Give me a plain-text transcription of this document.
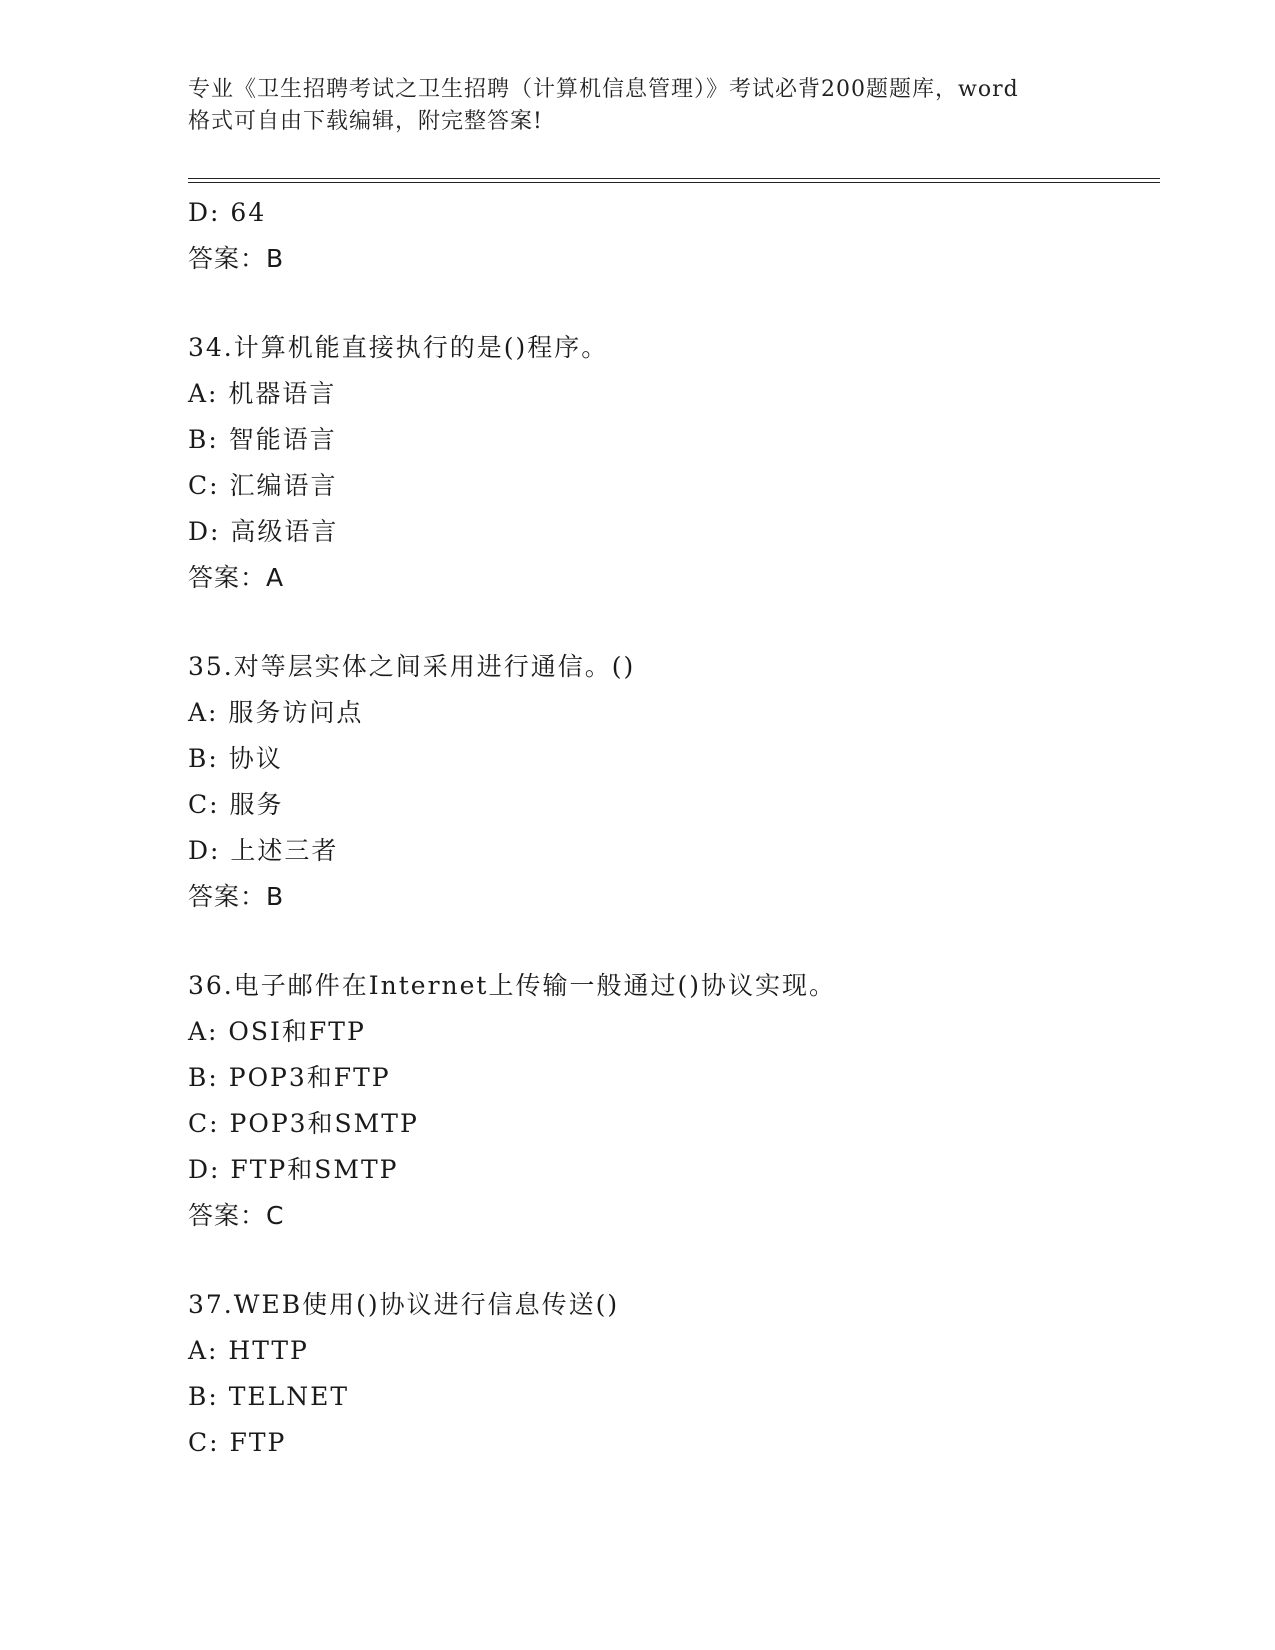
专业《卫生招聘考试之卫生招聘（计算机信息管理）》考试必背200题题库，word
格式可自由下载编辑，附完整答案!
D: 64
答案：B
34.计算机能直接执行的是()程序。
A: 机器语言
B: 智能语言
C: 汇编语言
D: 高级语言
答案：A
35.对等层实体之间采用进行通信。()
A: 服务访问点
B: 协议
C: 服务
D: 上述三者
答案：B
36.电子邮件在Internet上传输一般通过()协议实现。
A: OSI和FTP
B: POP3和FTP
C: POP3和SMTP
D: FTP和SMTP
答案：C
37.WEB使用()协议进行信息传送()
A: HTTP
B: TELNET
C: FTP
